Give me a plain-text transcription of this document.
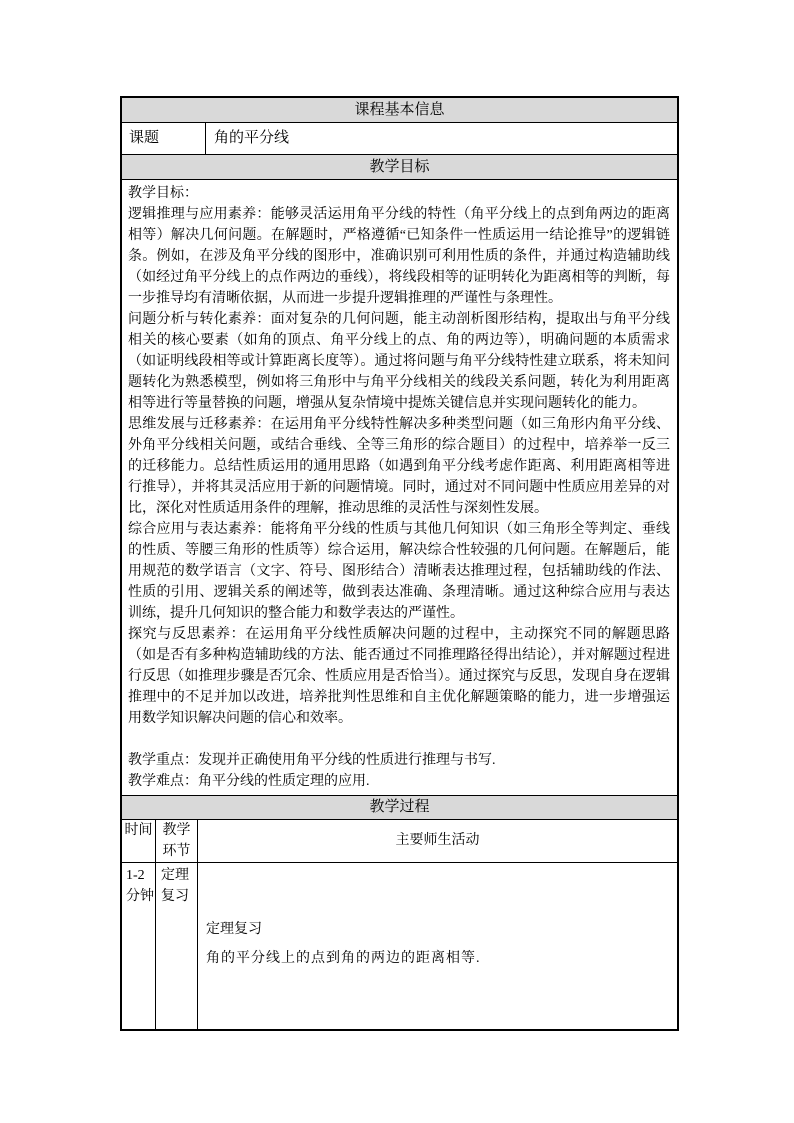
课程基本信息
课题	角的平分线
教学目标

教学目标：

逻辑推理与应用素养：能够灵活运用角平分线的特性（角平分线上的点到角两边的距离相等）解决几何问题。在解题时，严格遵循“已知条件一性质运用一结论推导”的逻辑链条。例如，在涉及角平分线的图形中，准确识别可利用性质的条件，并通过构造辅助线（如经过角平分线上的点作两边的垂线），将线段相等的证明转化为距离相等的判断，每一步推导均有清晰依据，从而进一步提升逻辑推理的严谨性与条理性。

问题分析与转化素养：面对复杂的几何问题，能主动剖析图形结构，提取出与角平分线相关的核心要素（如角的顶点、角平分线上的点、角的两边等），明确问题的本质需求（如证明线段相等或计算距离长度等）。通过将问题与角平分线特性建立联系，将未知问题转化为熟悉模型，例如将三角形中与角平分线相关的线段关系问题，转化为利用距离相等进行等量替换的问题，增强从复杂情境中提炼关键信息并实现问题转化的能力。

思维发展与迁移素养：在运用角平分线特性解决多种类型问题（如三角形内角平分线、外角平分线相关问题，或结合垂线、全等三角形的综合题目）的过程中，培养举一反三的迁移能力。总结性质运用的通用思路（如遇到角平分线考虑作距离、利用距离相等进行推导），并将其灵活应用于新的问题情境。同时，通过对不同问题中性质应用差异的对比，深化对性质适用条件的理解，推动思维的灵活性与深刻性发展。

综合应用与表达素养：能将角平分线的性质与其他几何知识（如三角形全等判定、垂线的性质、等腰三角形的性质等）综合运用，解决综合性较强的几何问题。在解题后，能用规范的数学语言（文字、符号、图形结合）清晰表达推理过程，包括辅助线的作法、性质的引用、逻辑关系的阐述等，做到表达准确、条理清晰。通过这种综合应用与表达训练，提升几何知识的整合能力和数学表达的严谨性。

探究与反思素养：在运用角平分线性质解决问题的过程中，主动探究不同的解题思路（如是否有多种构造辅助线的方法、能否通过不同推理路径得出结论），并对解题过程进行反思（如推理步骤是否冗余、性质应用是否恰当）。通过探究与反思，发现自身在逻辑推理中的不足并加以改进，培养批判性思维和自主优化解题策略的能力，进一步增强运用数学知识解决问题的信心和效率。

教学重点：发现并正确使用角平分线的性质进行推理与书写.

教学难点：角平分线的性质定理的应用.

教学过程
时间 教学环节
主要师生活动
1-2分钟
定理复习
定理复习
角的平分线上的点到角的两边的距离相等.
